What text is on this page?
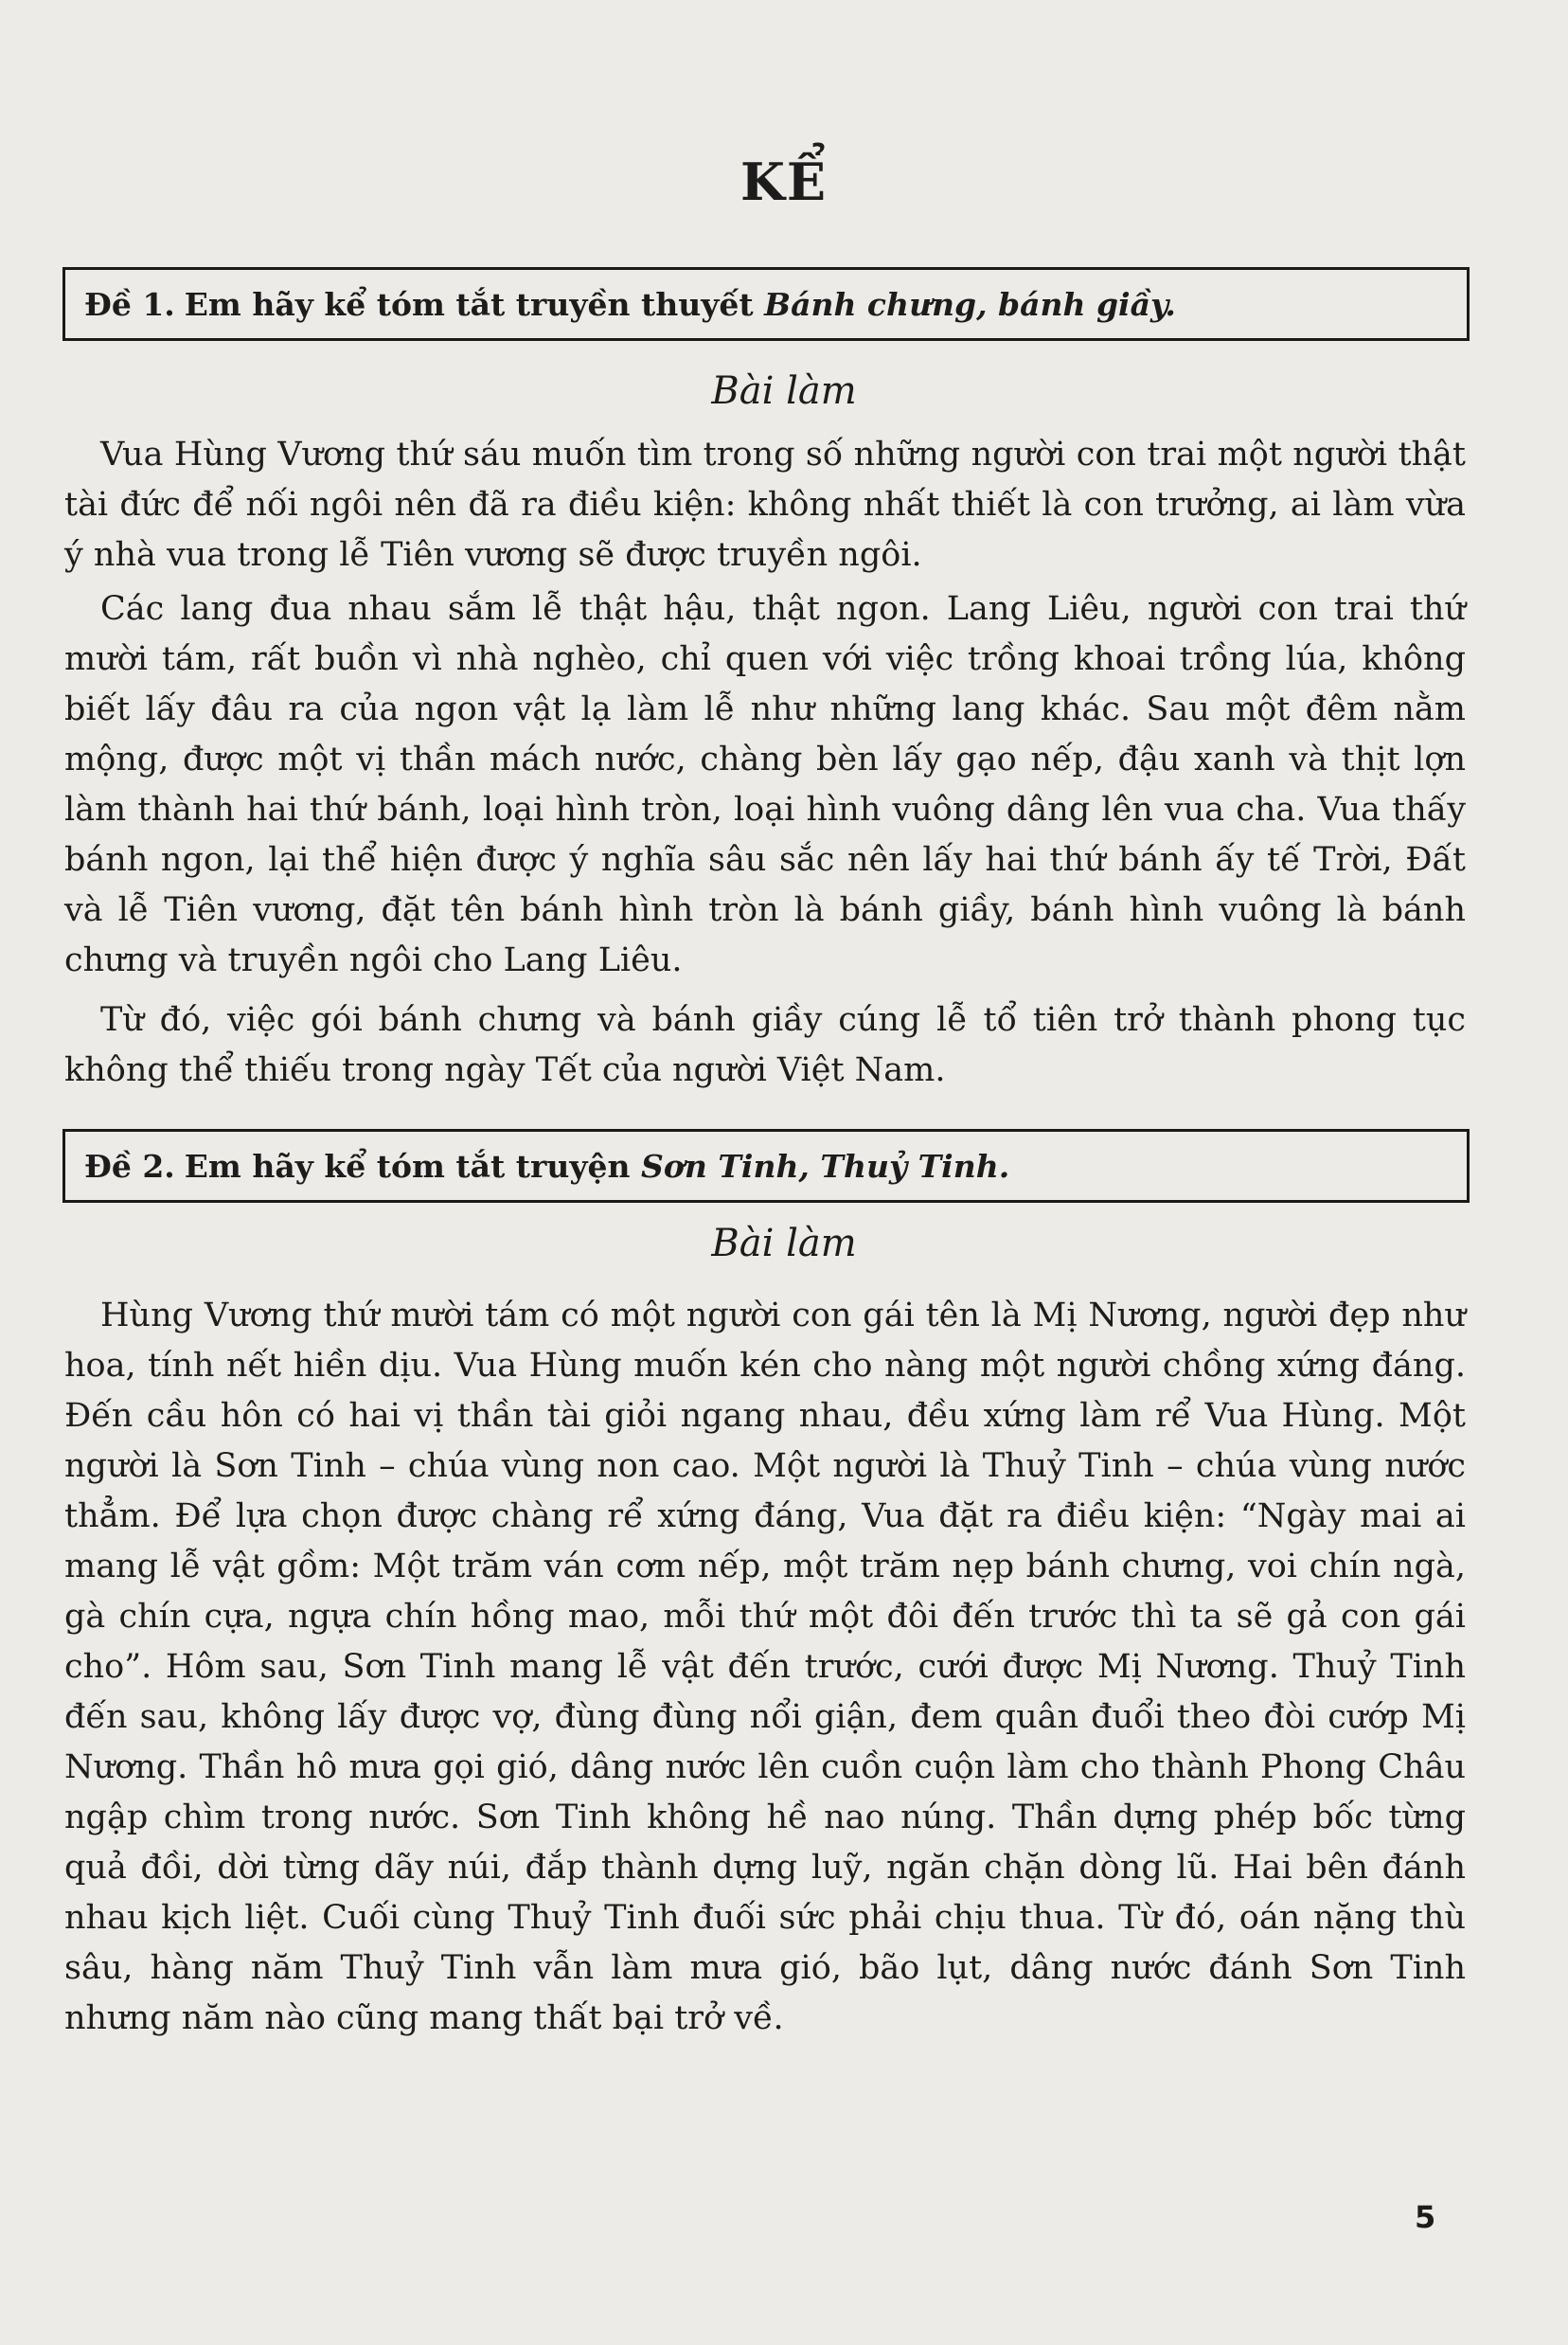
KỂ
Đề 1. Em hãy kể tóm tắt truyền thuyết
Bánh chưng, bánh giầy.
Bài làm
Vua Hùng Vương thứ sáu muốn tìm trong số những người con trai một người thật tài đức để nối ngôi nên đã ra điều kiện: không nhất thiết là con trưởng, ai làm vừa ý nhà vua trong lễ Tiên vương sẽ được truyền ngôi.
Các lang đua nhau sắm lễ thật hậu, thật ngon. Lang Liêu, người con trai thứ mười tám, rất buồn vì nhà nghèo, chỉ quen với việc trồng khoai trồng lúa, không biết lấy đâu ra của ngon vật lạ làm lễ như những lang khác. Sau một đêm nằm mộng, được một vị thần mách nước, chàng bèn lấy gạo nếp, đậu xanh và thịt lợn làm thành hai thứ bánh, loại hình tròn, loại hình vuông dâng lên vua cha. Vua thấy bánh ngon, lại thể hiện được ý nghĩa sâu sắc nên lấy hai thứ bánh ấy tế Trời, Đất và lễ Tiên vương, đặt tên bánh hình tròn là bánh giầy, bánh hình vuông là bánh chưng và truyền ngôi cho Lang Liêu.
Từ đó, việc gói bánh chưng và bánh giầy cúng lễ tổ tiên trở thành phong tục không thể thiếu trong ngày Tết của người Việt Nam.
Đề 2. Em hãy kể tóm tắt truyện
Sơn Tinh, Thuỷ Tinh.
Bài làm
Hùng Vương thứ mười tám có một người con gái tên là Mị Nương, người đẹp như hoa, tính nết hiền dịu. Vua Hùng muốn kén cho nàng một người chồng xứng đáng. Đến cầu hôn có hai vị thần tài giỏi ngang nhau, đều xứng làm rể Vua Hùng. Một người là Sơn Tinh – chúa vùng non cao. Một người là Thuỷ Tinh – chúa vùng nước thẳm. Để lựa chọn được chàng rể xứng đáng, Vua đặt ra điều kiện: “Ngày mai ai mang lễ vật gồm: Một trăm ván cơm nếp, một trăm nẹp bánh chưng, voi chín ngà, gà chín cựa, ngựa chín hồng mao, mỗi thứ một đôi đến trước thì ta sẽ gả con gái cho”. Hôm sau, Sơn Tinh mang lễ vật đến trước, cưới được Mị Nương. Thuỷ Tinh đến sau, không lấy được vợ, đùng đùng nổi giận, đem quân đuổi theo đòi cướp Mị Nương. Thần hô mưa gọi gió, dâng nước lên cuồn cuộn làm cho thành Phong Châu ngập chìm trong nước. Sơn Tinh không hề nao núng. Thần dựng phép bốc từng quả đồi, dời từng dãy núi, đắp thành dựng luỹ, ngăn chặn dòng lũ. Hai bên đánh nhau kịch liệt. Cuối cùng Thuỷ Tinh đuối sức phải chịu thua. Từ đó, oán nặng thù sâu, hàng năm Thuỷ Tinh vẫn làm mưa gió, bão lụt, dâng nước đánh Sơn Tinh nhưng năm nào cũng mang thất bại trở về.
5
